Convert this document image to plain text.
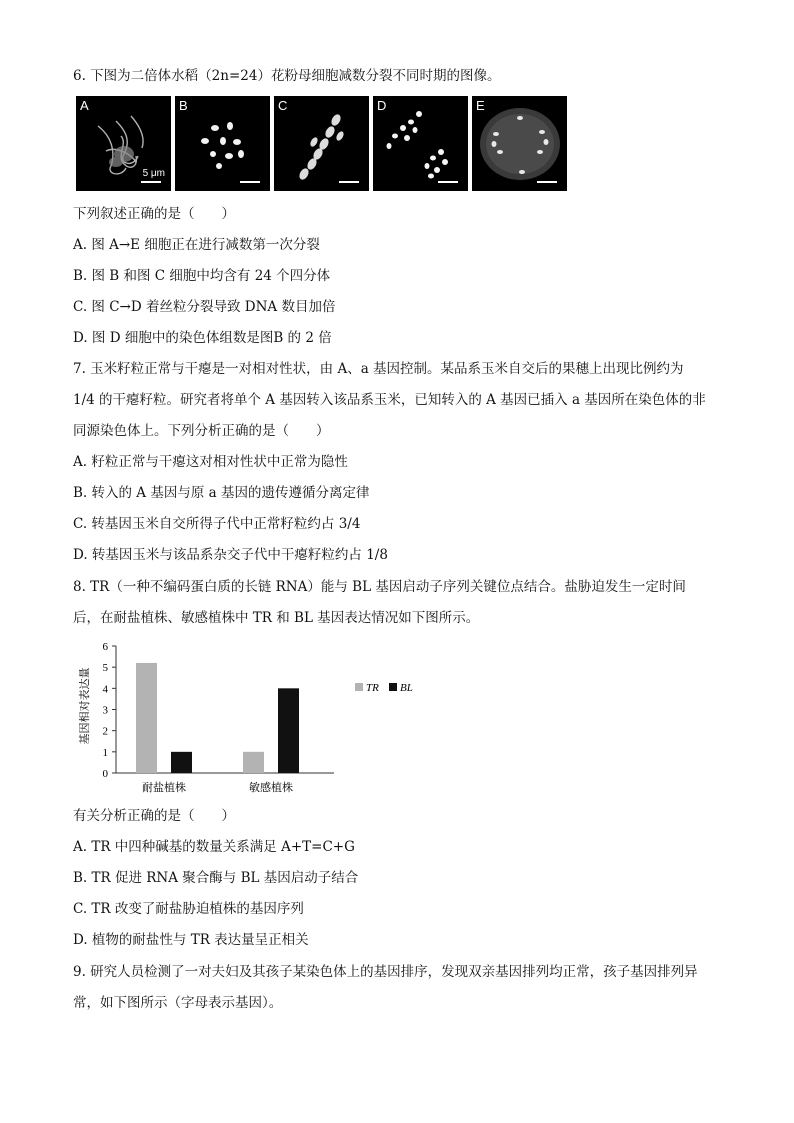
6. 下图为二倍体水稻（2n=24）花粉母细胞减数分裂不同时期的图像。
A
5 μm
B	C	D	E
下列叙述正确的是（　　）
A. 图 A→E 细胞正在进行减数第一次分裂
B. 图 B 和图 C 细胞中均含有 24 个四分体
C. 图 C→D 着丝粒分裂导致 DNA 数目加倍
D. 图 D 细胞中的染色体组数是图B 的 2 倍
7. 玉米籽粒正常与干瘪是一对相对性状，由 A、a 基因控制。某品系玉米自交后的果穗上出现比例约为
1/4 的干瘪籽粒。研究者将单个 A 基因转入该品系玉米，已知转入的 A 基因已插入 a 基因所在染色体的非
同源染色体上。下列分析正确的是（　　）
A. 籽粒正常与干瘪这对相对性状中正常为隐性
B. 转入的 A 基因与原 a 基因的遗传遵循分离定律
C. 转基因玉米自交所得子代中正常籽粒约占 3/4
D. 转基因玉米与该品系杂交子代中干瘪籽粒约占 1/8
8. TR（一种不编码蛋白质的长链 RNA）能与 BL 基因启动子序列关键位点结合。盐胁迫发生一定时间
后，在耐盐植株、敏感植株中 TR 和 BL 基因表达情况如下图所示。
基因相对表达量
0
1
2
3
4
5
6
耐盐植株	敏感植株
TR BL
有关分析正确的是（　　）
A. TR 中四种碱基的数量关系满足 A+T=C+G
B. TR 促进 RNA 聚合酶与 BL 基因启动子结合
C. TR 改变了耐盐胁迫植株的基因序列
D. 植物的耐盐性与 TR 表达量呈正相关
9. 研究人员检测了一对夫妇及其孩子某染色体上的基因排序，发现双亲基因排列均正常，孩子基因排列异
常，如下图所示（字母表示基因）。
